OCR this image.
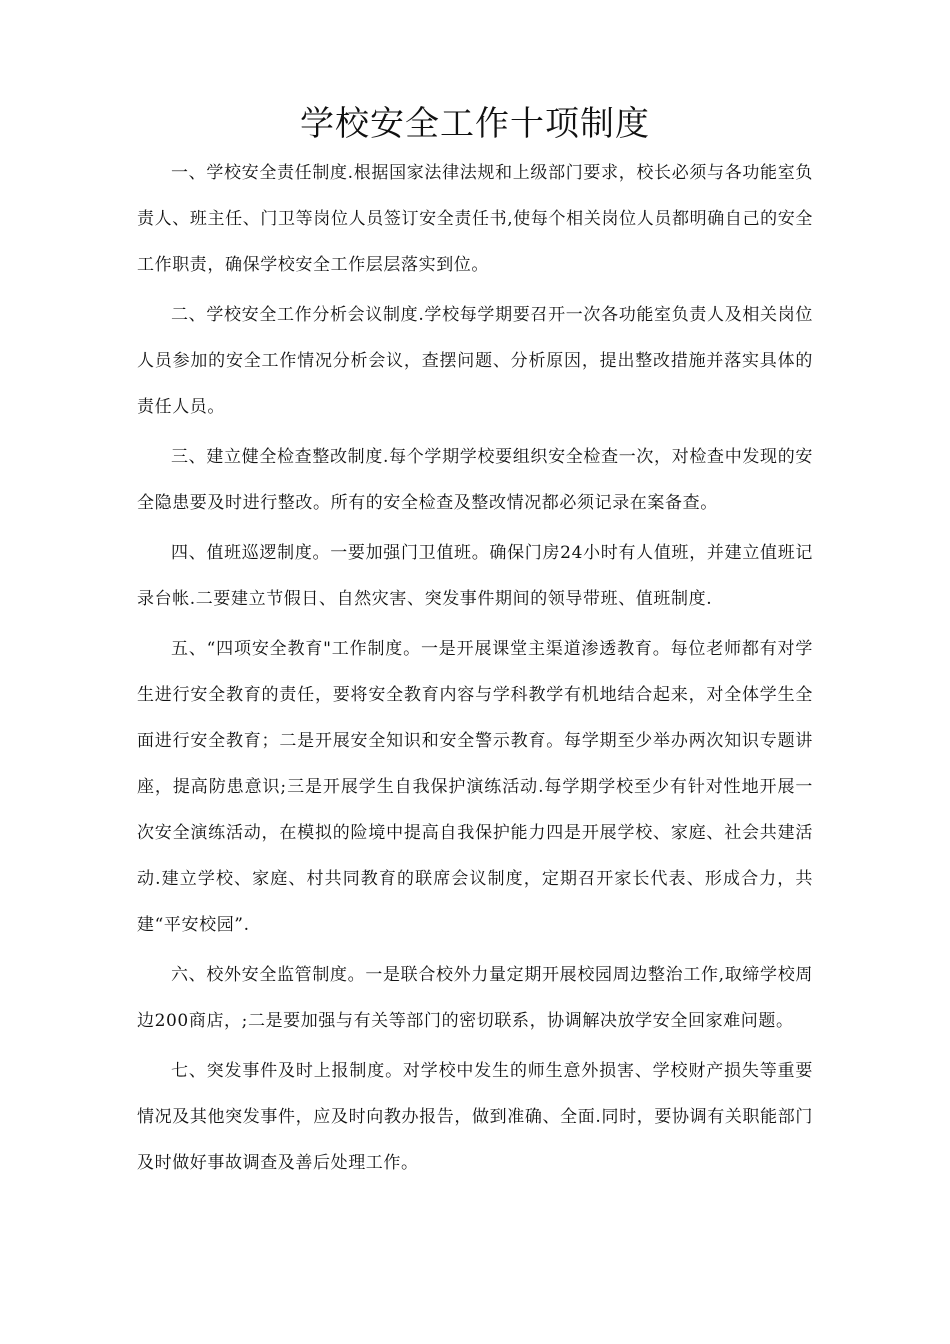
学校安全工作十项制度

一、学校安全责任制度.根据国家法律法规和上级部门要求，校长必须与各功能室负责人、班主任、门卫等岗位人员签订安全责任书,使每个相关岗位人员都明确自己的安全工作职责，确保学校安全工作层层落实到位。

二、学校安全工作分析会议制度.学校每学期要召开一次各功能室负责人及相关岗位人员参加的安全工作情况分析会议，查摆问题、分析原因，提出整改措施并落实具体的责任人员。

三、建立健全检查整改制度.每个学期学校要组织安全检查一次，对检查中发现的安全隐患要及时进行整改。所有的安全检查及整改情况都必须记录在案备查。

四、值班巡逻制度。一要加强门卫值班。确保门房24小时有人值班，并建立值班记录台帐.二要建立节假日、自然灾害、突发事件期间的领导带班、值班制度.

五、“四项安全教育"工作制度。一是开展课堂主渠道渗透教育。每位老师都有对学生进行安全教育的责任，要将安全教育内容与学科教学有机地结合起来，对全体学生全面进行安全教育；二是开展安全知识和安全警示教育。每学期至少举办两次知识专题讲座，提高防患意识;三是开展学生自我保护演练活动.每学期学校至少有针对性地开展一次安全演练活动，在模拟的险境中提高自我保护能力四是开展学校、家庭、社会共建活动.建立学校、家庭、村共同教育的联席会议制度，定期召开家长代表、形成合力，共建“平安校园”.

六、校外安全监管制度。一是联合校外力量定期开展校园周边整治工作,取缔学校周边200商店，;二是要加强与有关等部门的密切联系，协调解决放学安全回家难问题。

七、突发事件及时上报制度。对学校中发生的师生意外损害、学校财产损失等重要情况及其他突发事件，应及时向教办报告，做到准确、全面.同时，要协调有关职能部门及时做好事故调查及善后处理工作。
